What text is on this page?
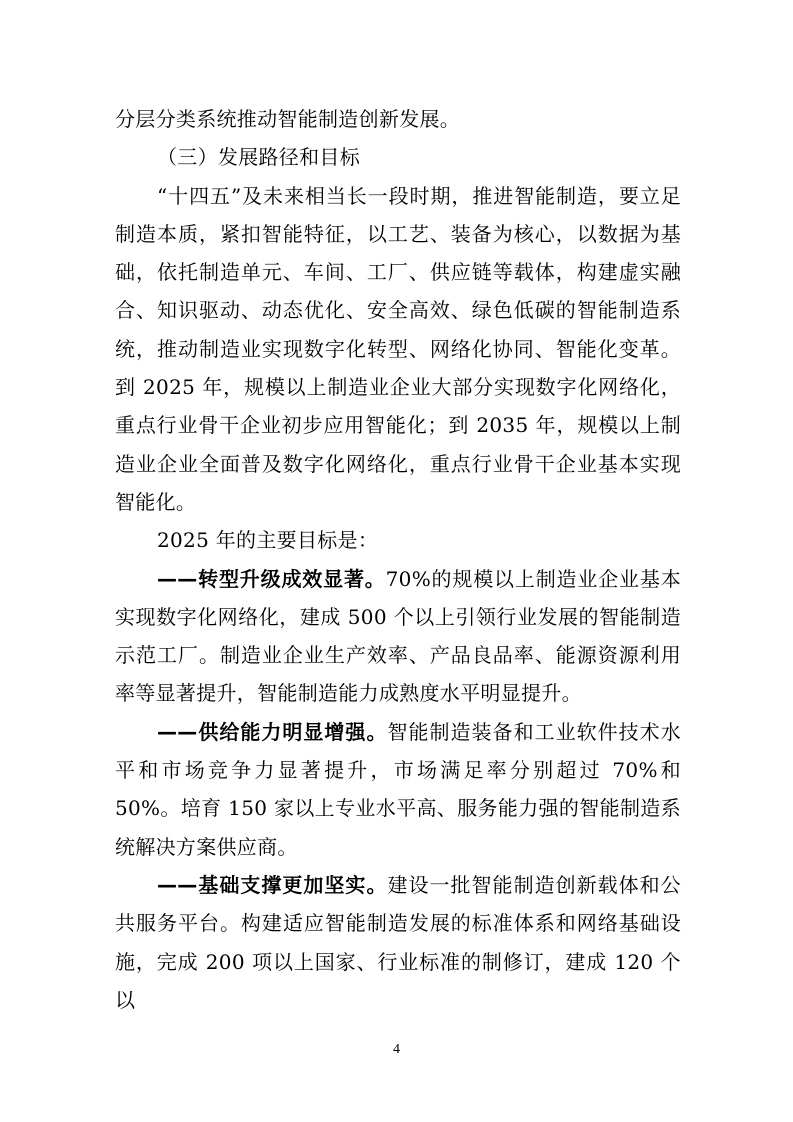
分层分类系统推动智能制造创新发展。

（三）发展路径和目标

“十四五”及未来相当长一段时期，推进智能制造，要立足制造本质，紧扣智能特征，以工艺、装备为核心，以数据为基础，依托制造单元、车间、工厂、供应链等载体，构建虚实融合、知识驱动、动态优化、安全高效、绿色低碳的智能制造系统，推动制造业实现数字化转型、网络化协同、智能化变革。到 2025 年，规模以上制造业企业大部分实现数字化网络化，重点行业骨干企业初步应用智能化；到 2035 年，规模以上制造业企业全面普及数字化网络化，重点行业骨干企业基本实现智能化。

2025 年的主要目标是：

——转型升级成效显著。70%的规模以上制造业企业基本实现数字化网络化，建成 500 个以上引领行业发展的智能制造示范工厂。制造业企业生产效率、产品良品率、能源资源利用率等显著提升，智能制造能力成熟度水平明显提升。

——供给能力明显增强。智能制造装备和工业软件技术水平和市场竞争力显著提升，市场满足率分别超过 70%和 50%。培育 150 家以上专业水平高、服务能力强的智能制造系统解决方案供应商。

——基础支撑更加坚实。建设一批智能制造创新载体和公共服务平台。构建适应智能制造发展的标准体系和网络基础设施，完成 200 项以上国家、行业标准的制修订，建成 120 个以

4
